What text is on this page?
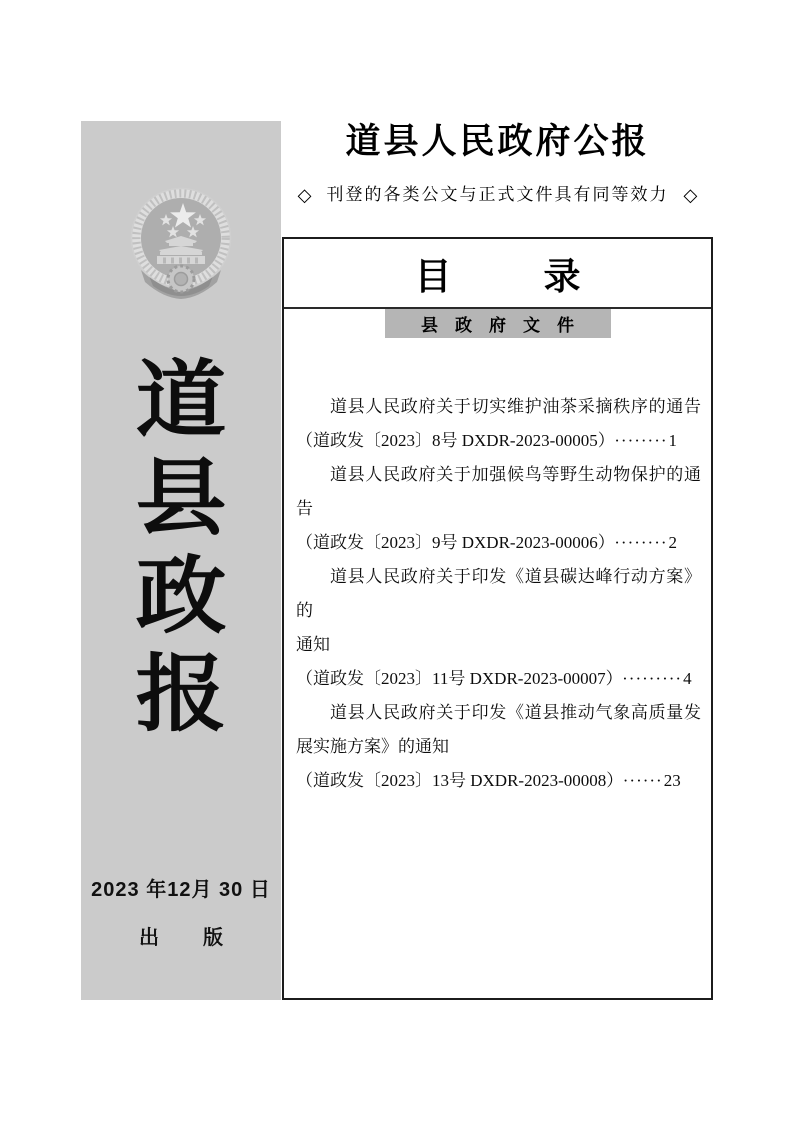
道
县
政
报
2023 年12月 30 日
出 版
道县人民政府公报
◇ 刊登的各类公文与正式文件具有同等效力 ◇
目 录
县　政　府　文　件
道县人民政府关于切实维护油茶采摘秩序的通告
（道政发〔2023〕8号 DXDR-2023-00005） ········1
道县人民政府关于加强候鸟等野生动物保护的通告
（道政发〔2023〕9号 DXDR-2023-00006） ········2
道县人民政府关于印发《道县碳达峰行动方案》的
通知
（道政发〔2023〕11号 DXDR-2023-00007） ·········4
道县人民政府关于印发《道县推动气象高质量发
展实施方案》的通知
（道政发〔2023〕13号 DXDR-2023-00008） ······23
